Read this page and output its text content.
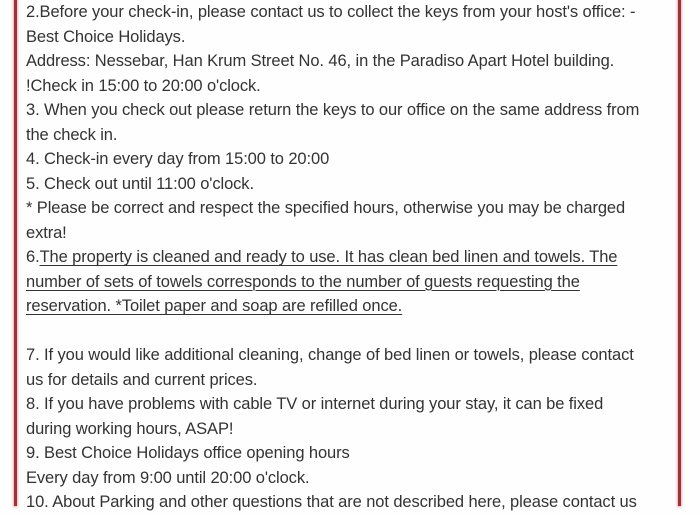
2.Before your check-in, please contact us to collect the keys from your host's office: -
Best Choice Holidays.
Address: Nessebar, Han Krum Street No. 46, in the Paradiso Apart Hotel building.
!Check in 15:00 to 20:00 o'clock.
3. When you check out please return the keys to our office on the same address from
the check in.
4. Check-in every day from 15:00 to 20:00
5. Check out until 11:00 o'clock.
* Please be correct and respect the specified hours, otherwise you may be charged
extra!
6.The property is cleaned and ready to use. It has clean bed linen and towels. The
number of sets of towels corresponds to the number of guests requesting the
reservation. *Toilet paper and soap are refilled once.
7. If you would like additional cleaning, change of bed linen or towels, please contact
us for details and current prices.
8. If you have problems with cable TV or internet during your stay, it can be fixed
during working hours, ASAP!
9. Best Choice Holidays office opening hours
Every day from 9:00 until 20:00 o'clock.
10. About Parking and other questions that are not described here, please contact us
